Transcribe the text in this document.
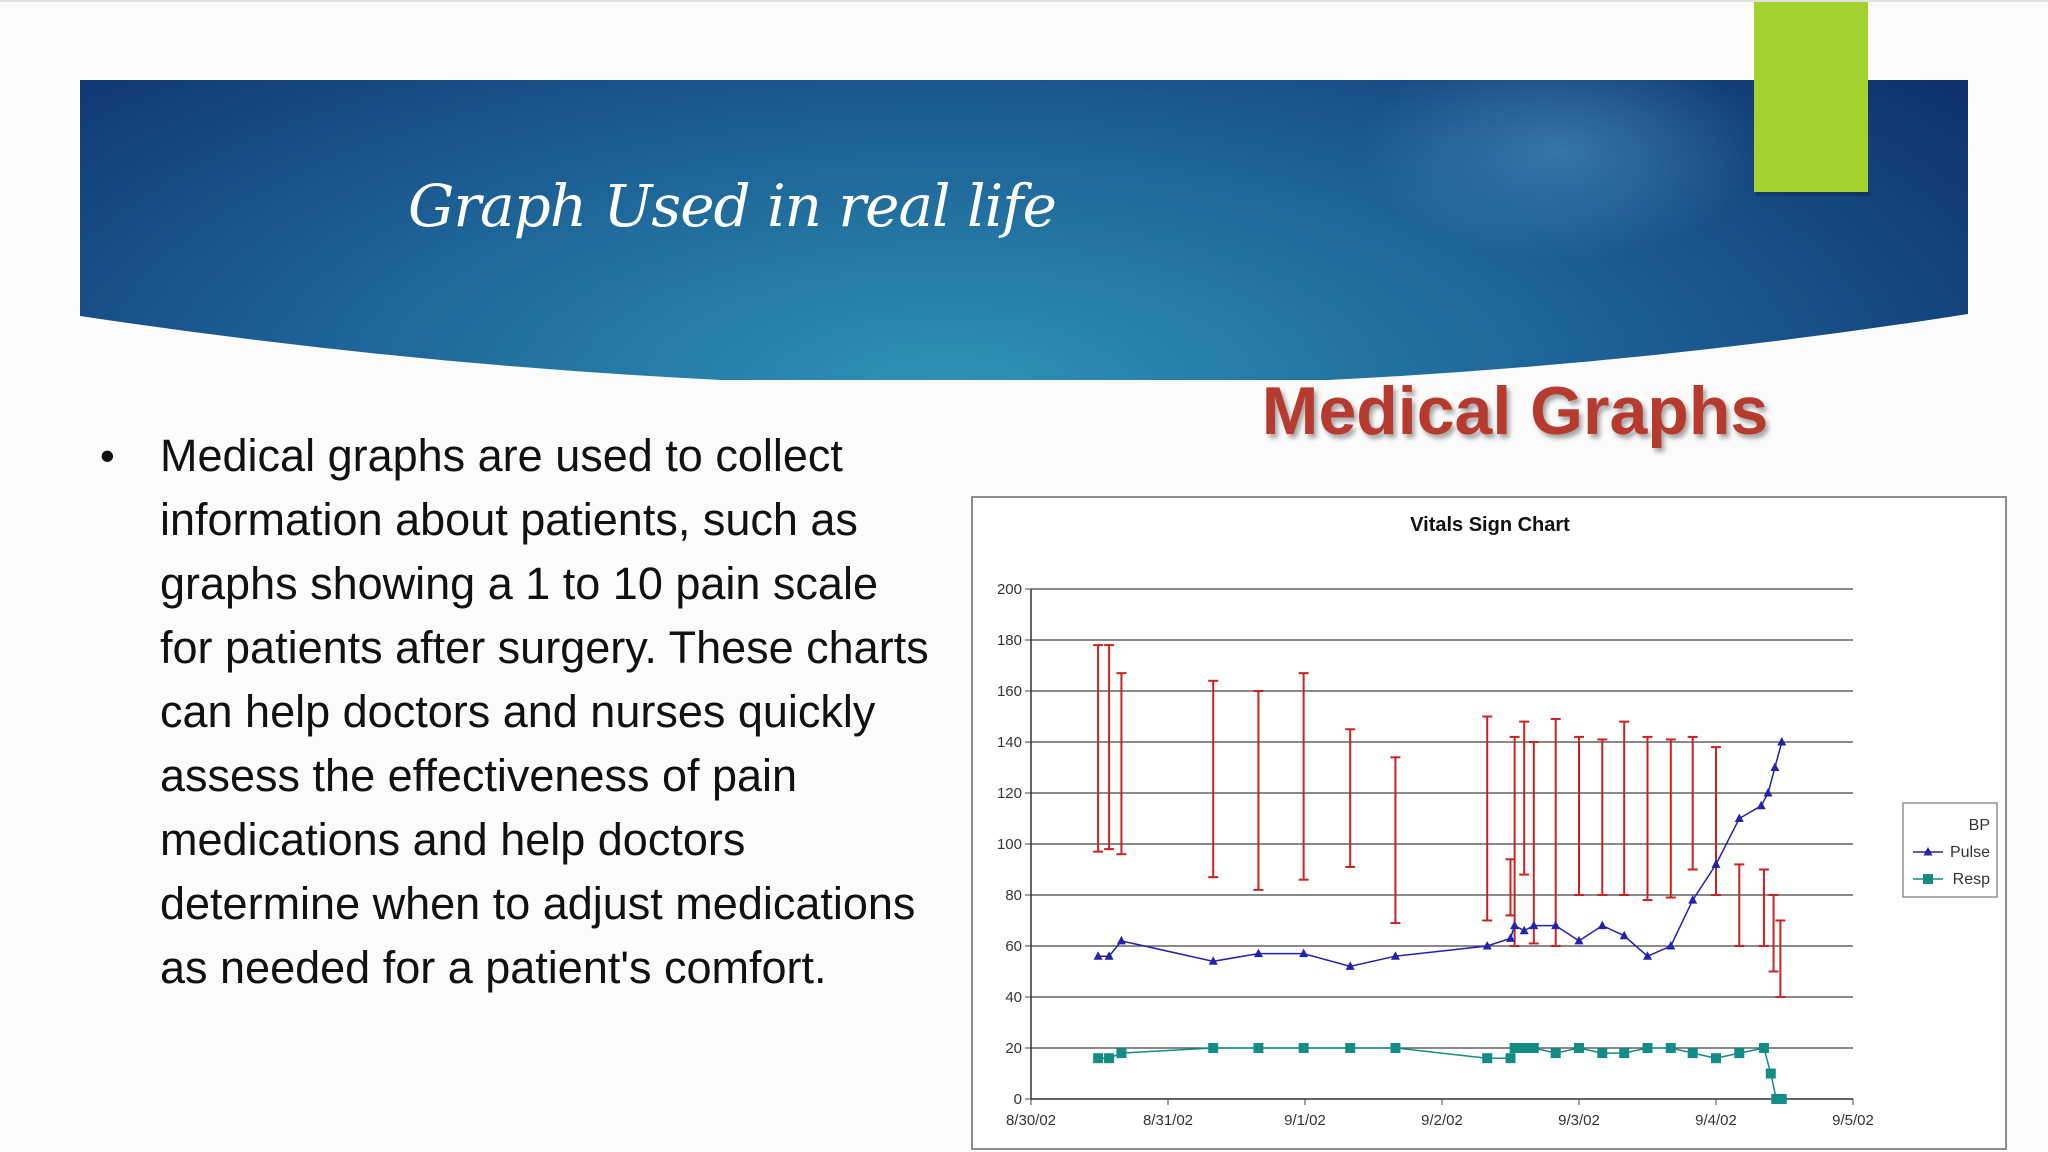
Graph Used in real life
• Medical graphs are used to collect information about patients, such as graphs showing a 1 to 10 pain scale for patients after surgery. These charts can help doctors and nurses quickly assess the effectiveness of pain medications and help doctors determine when to adjust medications as needed for a patient's comfort.
Medical Graphs
Vitals Sign Chart
0
20
40
60
80
100
120
140
160
180
200
8/30/02	8/31/02	9/1/02	9/2/02	9/3/02	9/4/02	9/5/02
BP
Pulse
Resp
